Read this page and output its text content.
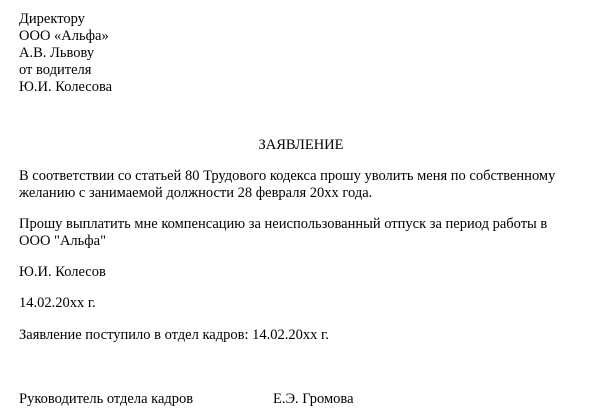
Директору
ООО «Альфа»
А.В. Львову
от водителя
Ю.И. Колесова
ЗАЯВЛЕНИЕ
В соответствии со статьей 80 Трудового кодекса прошу уволить меня по собственному
желанию с занимаемой должности 28 февраля 20хх года.
Прошу выплатить мне компенсацию за неиспользованный отпуск за период работы в
ООО "Альфа"
Ю.И. Колесов
14.02.20хх г.
Заявление поступило в отдел кадров: 14.02.20хх г.
Руководитель отдела кадров	Е.Э. Громова
